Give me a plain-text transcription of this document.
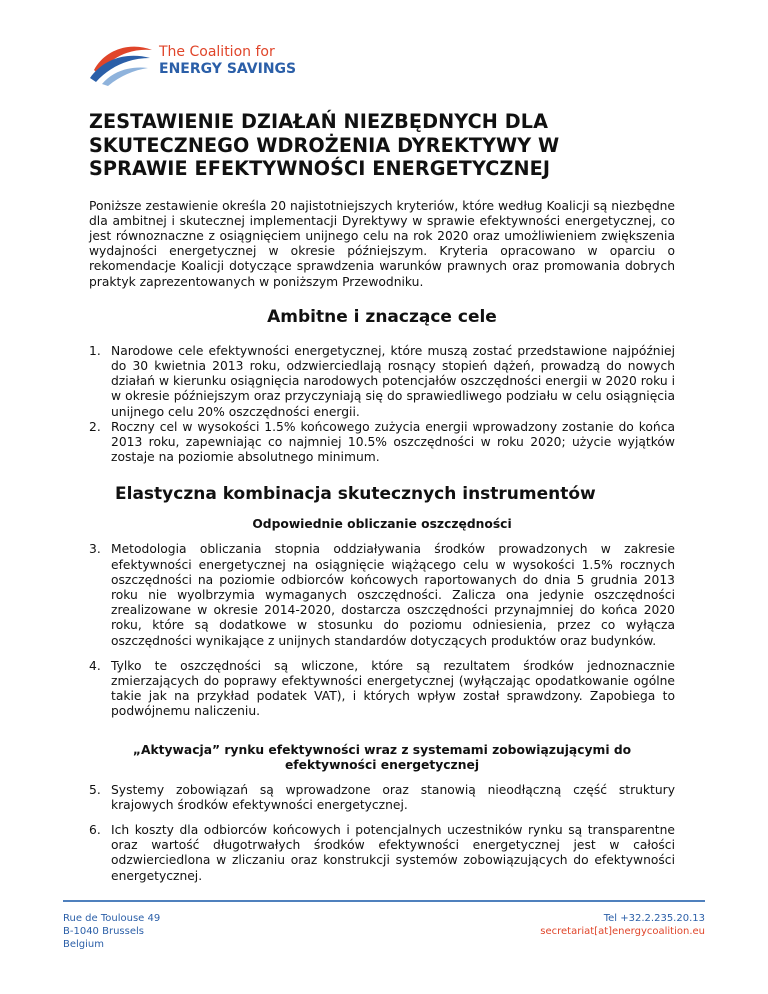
The Coalition for
ENERGY SAVINGS
ZESTAWIENIE DZIAŁAŃ NIEZBĘDNYCH DLA
SKUTECZNEGO WDROŻENIA DYREKTYWY W
SPRAWIE EFEKTYWNOŚCI ENERGETYCZNEJ

Poniższe zestawienie określa 20 najistotniejszych kryteriów, które według Koalicji są niezbędne dla ambitnej i skutecznej implementacji Dyrektywy w sprawie efektywności energetycznej, co jest równoznaczne z osiągnięciem unijnego celu na rok 2020 oraz umożliwieniem zwiększenia wydajności energetycznej w okresie późniejszym. Kryteria opracowano w oparciu o rekomendacje Koalicji dotyczące sprawdzenia warunków prawnych oraz promowania dobrych praktyk zaprezentowanych w poniższym Przewodniku.

Ambitne i znaczące cele
1. Narodowe cele efektywności energetycznej, które muszą zostać przedstawione najpóźniej do 30 kwietnia 2013 roku, odzwierciedlają rosnący stopień dążeń, prowadzą do nowych działań w kierunku osiągnięcia narodowych potencjałów oszczędności energii w 2020 roku i w okresie późniejszym oraz przyczyniają się do sprawiedliwego podziału w celu osiągnięcia unijnego celu 20% oszczędności energii.
2. Roczny cel w wysokości 1.5% końcowego zużycia energii wprowadzony zostanie do końca 2013 roku, zapewniając co najmniej 10.5% oszczędności w roku 2020; użycie wyjątków zostaje na poziomie absolutnego minimum.
Elastyczna kombinacja skutecznych instrumentów
Odpowiednie obliczanie oszczędności
3. Metodologia obliczania stopnia oddziaływania środków prowadzonych w zakresie efektywności energetycznej na osiągnięcie wiążącego celu w wysokości 1.5% rocznych oszczędności na poziomie odbiorców końcowych raportowanych do dnia 5 grudnia 2013 roku nie wyolbrzymia wymaganych oszczędności. Zalicza ona jedynie oszczędności zrealizowane w okresie 2014-2020, dostarcza oszczędności przynajmniej do końca 2020 roku, które są dodatkowe w stosunku do poziomu odniesienia, przez co wyłącza oszczędności wynikające z unijnych standardów dotyczących produktów oraz budynków.
4. Tylko te oszczędności są wliczone, które są rezultatem środków jednoznacznie zmierzających do poprawy efektywności energetycznej (wyłączając opodatkowanie ogólne takie jak na przykład podatek VAT), i których wpływ został sprawdzony. Zapobiega to podwójnemu naliczeniu.
„Aktywacja” rynku efektywności wraz z systemami zobowiązującymi do efektywności energetycznej
5. Systemy zobowiązań są wprowadzone oraz stanowią nieodłączną część struktury krajowych środków efektywności energetycznej.
6. Ich koszty dla odbiorców końcowych i potencjalnych uczestników rynku są transparentne oraz wartość długotrwałych środków efektywności energetycznej jest w całości odzwierciedlona w zliczaniu oraz konstrukcji systemów zobowiązujących do efektywności energetycznej.
Rue de Toulouse 49
B-1040 Brussels
Belgium
Tel +32.2.235.20.13
secretariat[at]energycoalition.eu
